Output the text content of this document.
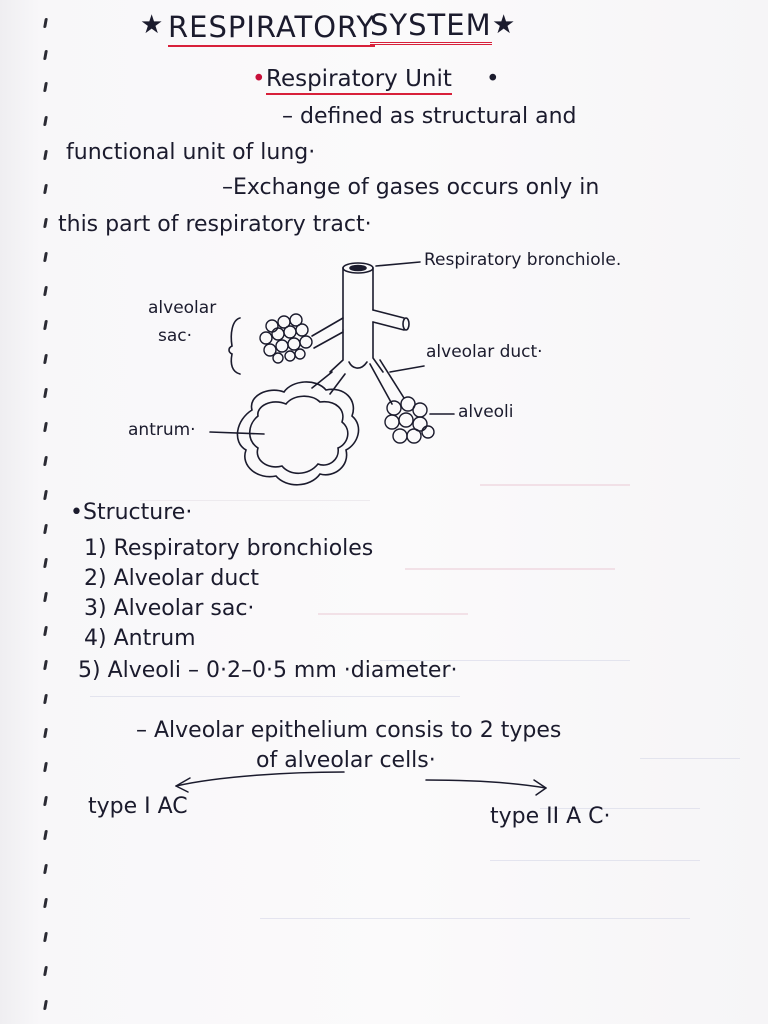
★ RESPIRATORY
SYSTEM ★
• Respiratory Unit •
– defined as structural and
functional unit of lung·
–Exchange of gases occurs only in
this part of respiratory tract·
Respiratory bronchiole.
alveolar
sac·
alveolar duct·
antrum·
alveoli
•Structure·
1) Respiratory bronchioles
2) Alveolar duct
3) Alveolar sac·
4) Antrum
5) Alveoli – 0·2–0·5 mm ·diameter·
– Alveolar epithelium consis to 2 types
of alveolar cells·
type I AC	type II A C·
